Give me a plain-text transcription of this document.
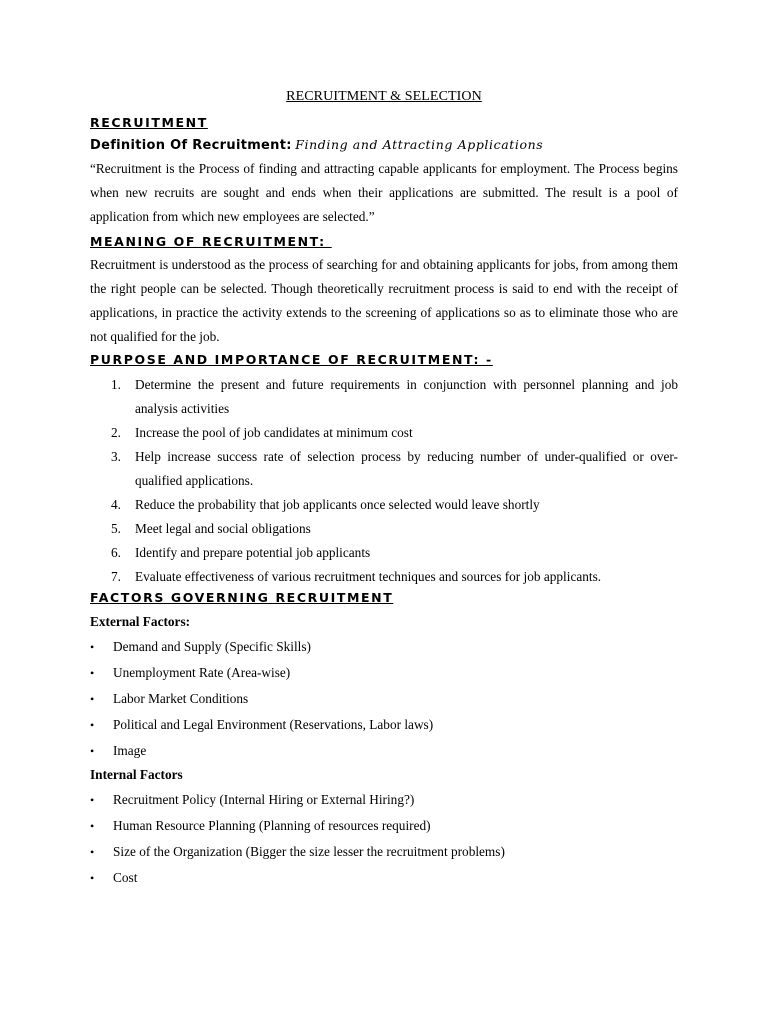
RECRUITMENT & SELECTION
RECRUITMENT
Definition Of Recruitment: Finding and Attracting Applications
“Recruitment is the Process of finding and attracting capable applicants for employment. The Process begins when new recruits are sought and ends when their applications are submitted. The result is a pool of application from which new employees are selected.”
MEANING OF RECRUITMENT:
Recruitment is understood as the process of searching for and obtaining applicants for jobs, from among them the right people can be selected. Though theoretically recruitment process is said to end with the receipt of applications, in practice the activity extends to the screening of applications so as to eliminate those who are not qualified for the job.
PURPOSE AND IMPORTANCE OF RECRUITMENT: -
1. Determine the present and future requirements in conjunction with personnel planning and job analysis activities
2. Increase the pool of job candidates at minimum cost
3. Help increase success rate of selection process by reducing number of under-qualified or over-qualified applications.
4. Reduce the probability that job applicants once selected would leave shortly
5. Meet legal and social obligations
6. Identify and prepare potential job applicants
7. Evaluate effectiveness of various recruitment techniques and sources for job applicants.
FACTORS GOVERNING RECRUITMENT
External Factors:
• Demand and Supply (Specific Skills)
• Unemployment Rate (Area-wise)
• Labor Market Conditions
• Political and Legal Environment (Reservations, Labor laws)
• Image
Internal Factors
• Recruitment Policy (Internal Hiring or External Hiring?)
• Human Resource Planning (Planning of resources required)
• Size of the Organization (Bigger the size lesser the recruitment problems)
• Cost
